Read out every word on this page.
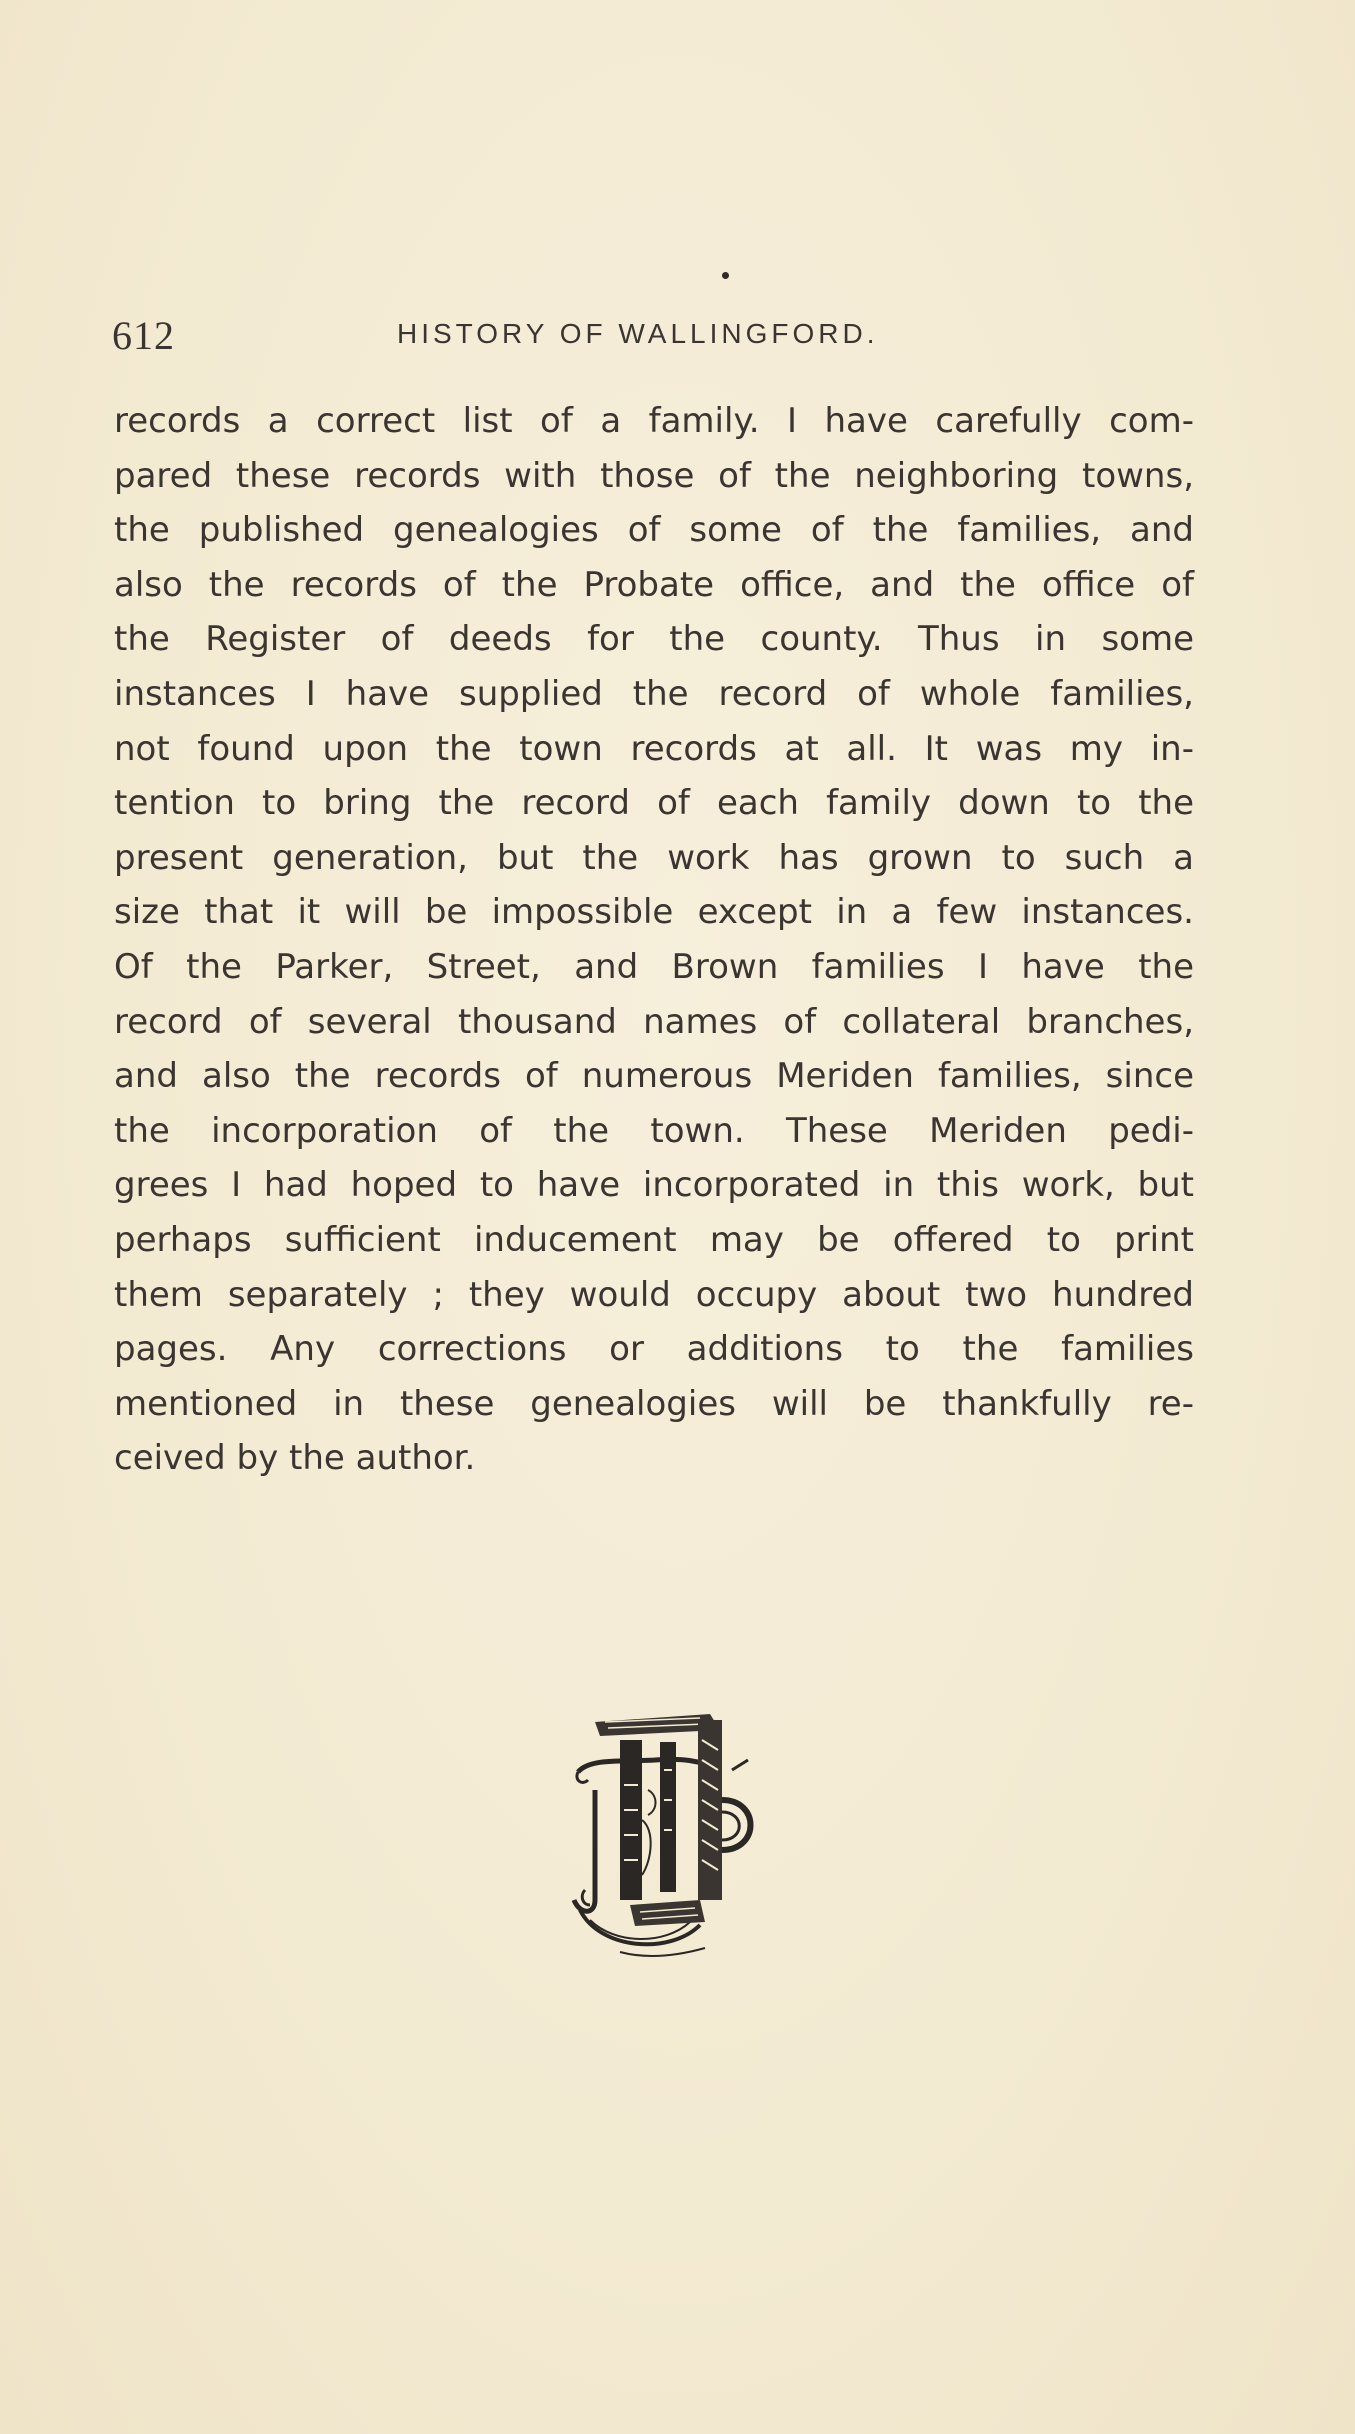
612	HISTORY OF WALLINGFORD.
records a correct list of a family. I have carefully com-
pared these records with those of the neighboring towns,
the published genealogies of some of the families, and
also the records of the Probate office, and the office of
the Register of deeds for the county. Thus in some
instances I have supplied the record of whole families,
not found upon the town records at all. It was my in-
tention to bring the record of each family down to the
present generation, but the work has grown to such a
size that it will be impossible except in a few instances.
Of the Parker, Street, and Brown families I have the
record of several thousand names of collateral branches,
and also the records of numerous Meriden families, since
the incorporation of the town. These Meriden pedi-
grees I had hoped to have incorporated in this work, but
perhaps sufficient inducement may be offered to print
them separately ; they would occupy about two hundred
pages. Any corrections or additions to the families
mentioned in these genealogies will be thankfully re-
ceived by the author.
